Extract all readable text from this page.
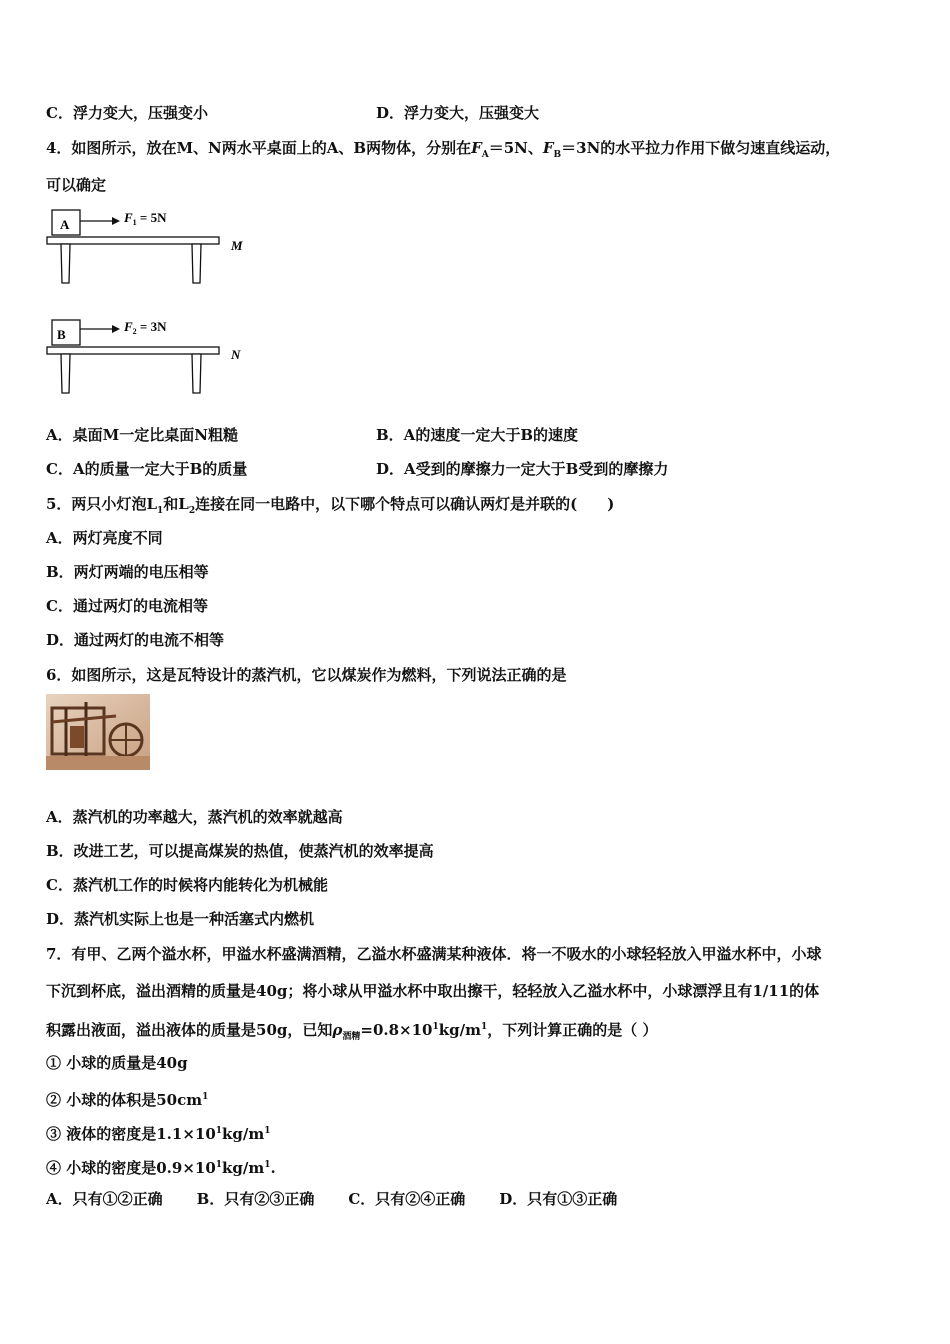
C．浮力变大，压强变小	D．浮力变大，压强变大
4．如图所示，放在M、N两水平桌面上的A、B两物体，分别在$F_A=5N$、$F_B=3N$的水平拉力作用下做匀速直线运动，
可以确定
A	$F_1 = 5N$
M
B
$F_2 = 3N$
N
A．桌面M一定比桌面N粗糙	B．A的速度一定大于B的速度
C．A的质量一定大于B的质量	D．A受到的摩擦力一定大于B受到的摩擦力
5．两只小灯泡$L_1$和$L_2$连接在同一电路中，以下哪个特点可以确认两灯是并联的(　　)
A．两灯亮度不同
B．两灯两端的电压相等
C．通过两灯的电流相等
D．通过两灯的电流不相等
6．如图所示，这是瓦特设计的蒸汽机，它以煤炭作为燃料，下列说法正确的是
A．蒸汽机的功率越大，蒸汽机的效率就越高
B．改进工艺，可以提高煤炭的热值，使蒸汽机的效率提高
C．蒸汽机工作的时候将内能转化为机械能
D．蒸汽机实际上也是一种活塞式内燃机
7．有甲、乙两个溢水杯，甲溢水杯盛满酒精，乙溢水杯盛满某种液体．将一不吸水的小球轻轻放入甲溢水杯中，小球
下沉到杯底，溢出酒精的质量是40g；将小球从甲溢水杯中取出擦干，轻轻放入乙溢水杯中，小球漂浮且有1/11的体
积露出液面，溢出液体的质量是50g，已知$\rho_{酒精}=0.8\times 10^1kg/m^1$，下列计算正确的是（ ）
① 小球的质量是40g
② 小球的体积是$50cm^1$
③ 液体的密度是$1.1\times 10^1kg/m^1$
④ 小球的密度是$0.9\times 10^1kg/m^1$.
A．只有①②正确 B．只有②③正确 C．只有②④正确 D．只有①③正确
